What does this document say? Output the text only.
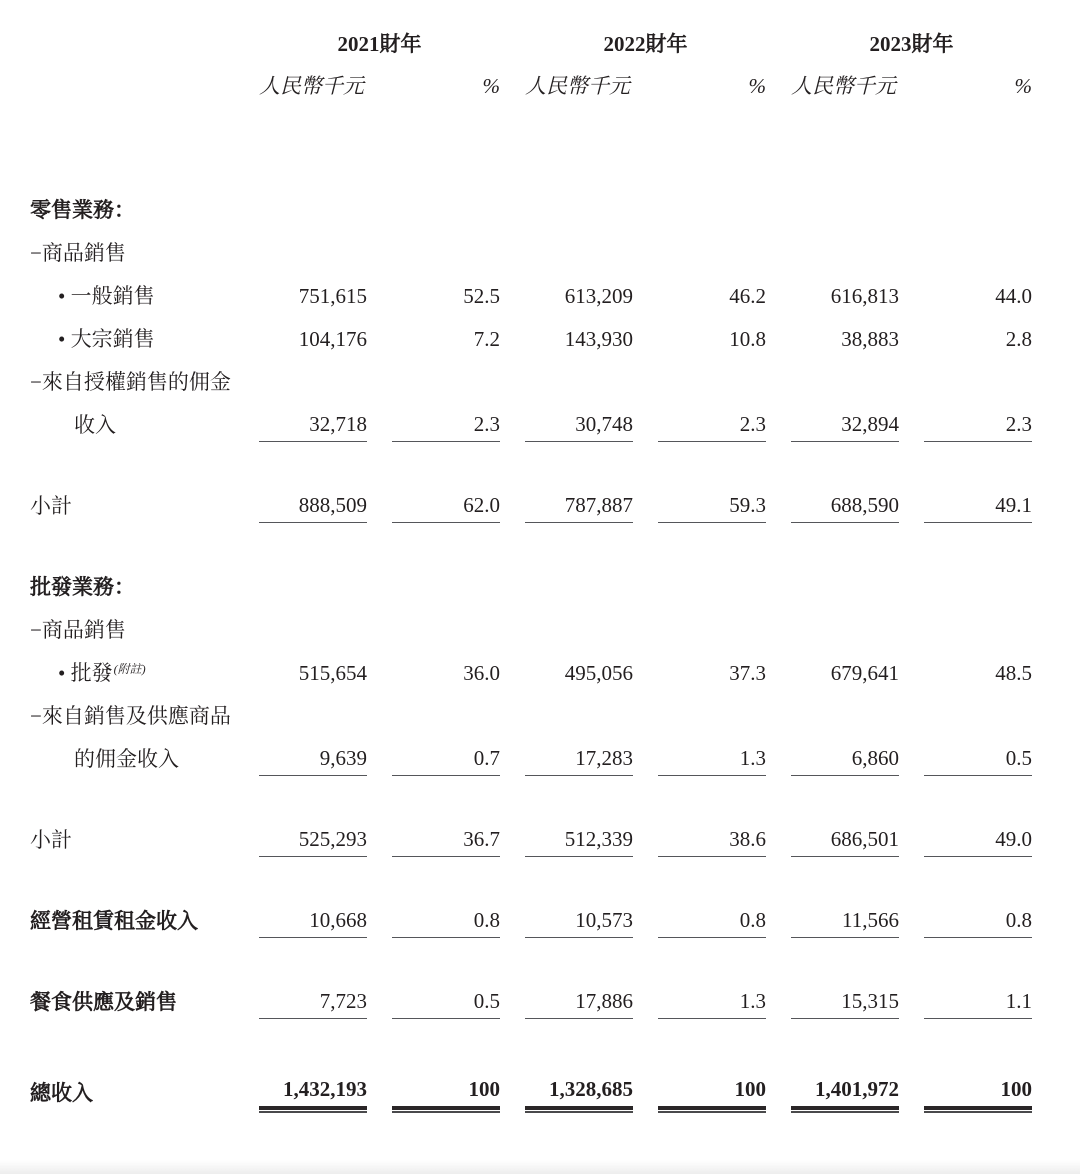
2021財年	2022財年	2023財年
人民幣千元	% 人民幣千元	% 人民幣千元	%
零售業務：
−商品銷售
• 一般銷售	751,615	52.5	613,209	46.2	616,813	44.0
• 大宗銷售	104,176	7.2	143,930	10.8	38,883	2.8
−來自授權銷售的佣金
收入	32,718	2.3	30,748	2.3	32,894	2.3
小計	888,509	62.0	787,887	59.3	688,590	49.1
批發業務：
−商品銷售
• 批發$^{(附註)}$	515,654	36.0	495,056	37.3	679,641	48.5
−來自銷售及供應商品
的佣金收入	9,639	0.7	17,283	1.3	6,860	0.5
小計	525,293	36.7	512,339	38.6	686,501	49.0
經營租賃租金收入	10,668	0.8	10,573	0.8	11,566	0.8
餐食供應及銷售	7,723	0.5	17,886	1.3	15,315	1.1
總收入	1,432,193	100	1,328,685	100	1,401,972	100
